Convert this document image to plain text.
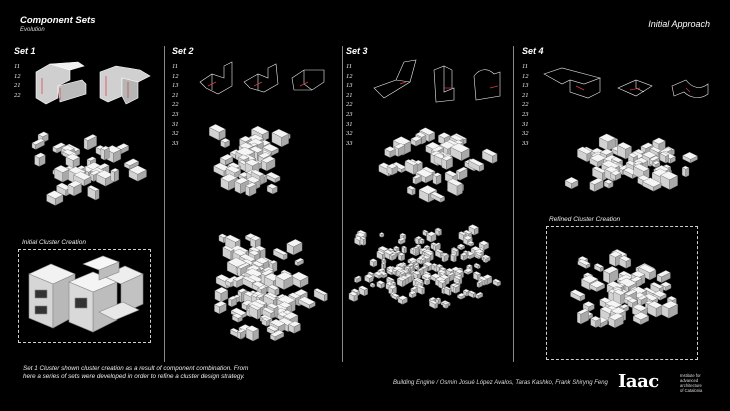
Component Sets
Evolution
Initial Approach
Set 1	Set 2	Set 3	Set 4
11
12
21
22
11
12
13
21
22
23
31
32
33
11
12
13
21
22
23
31
32
33
11
12
13
21
22
23
31
32
33
Initial Cluster Creation
Refined Cluster Creation
Set 1 Cluster shown cluster creation as a result of component combination. From here a series of sets were developed in order to refine a cluster design strategy.
Building Engine / Osmin Josué López Avalos, Taras Kashko, Frank Shiryng Feng Iaac	Institute for
advanced
architecture
of Catalonia
